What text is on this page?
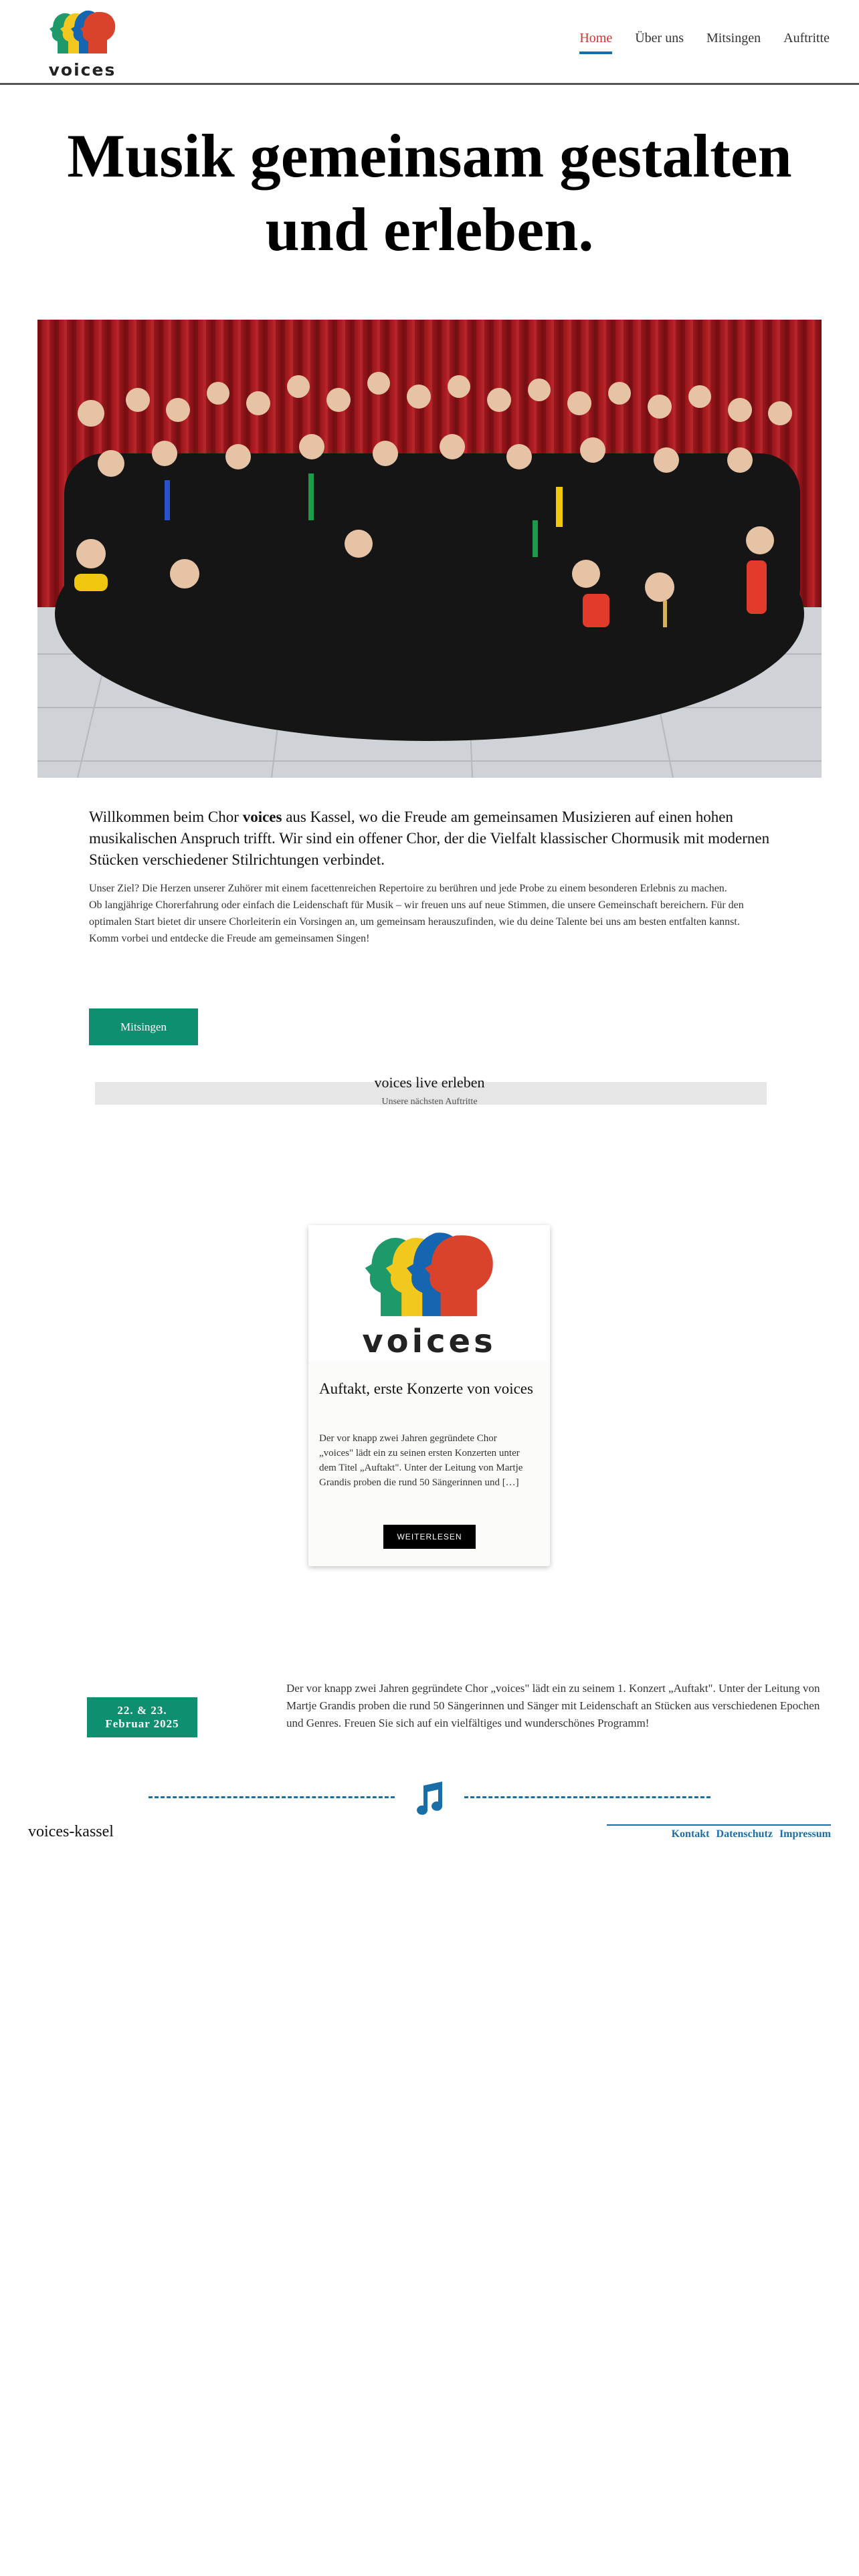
voices
Home Über uns Mitsingen Auftritte
Musik gemeinsam gestalten
und erleben.

Willkommen beim Chor voices aus Kassel, wo die Freude am gemeinsamen Musizieren auf einen hohen musikalischen Anspruch trifft. Wir sind ein offener Chor, der die Vielfalt klassischer Chormusik mit modernen Stücken verschiedener Stilrichtungen verbindet.

Unser Ziel? Die Herzen unserer Zuhörer mit einem facettenreichen Repertoire zu berühren und jede Probe zu einem besonderen Erlebnis zu machen.
Ob langjährige Chorerfahrung oder einfach die Leidenschaft für Musik – wir freuen uns auf neue Stimmen, die unsere Gemeinschaft bereichern. Für den optimalen Start bietet dir unsere Chorleiterin ein Vorsingen an, um gemeinsam herauszufinden, wie du deine Talente bei uns am besten entfalten kannst.
Komm vorbei und entdecke die Freude am gemeinsamen Singen!
Mitsingen
voices live erleben
Unsere nächsten Auftritte
voices
Auftakt, erste Konzerte von voices
Der vor knapp zwei Jahren gegründete Chor „voices" lädt ein zu seinen ersten Konzerten unter dem Titel „Auftakt". Unter der Leitung von Martje Grandis proben die rund 50 Sängerinnen und […]
WEITERLESEN
22. & 23.
Februar 2025

Der vor knapp zwei Jahren gegründete Chor „voices" lädt ein zu seinem 1. Konzert „Auftakt". Unter der Leitung von Martje Grandis proben die rund 50 Sängerinnen und Sänger mit Leidenschaft an Stücken aus verschiedenen Epochen und Genres. Freuen Sie sich auf ein vielfältiges und wunderschönes Programm!

voices-kassel	Kontakt Datenschutz Impressum
